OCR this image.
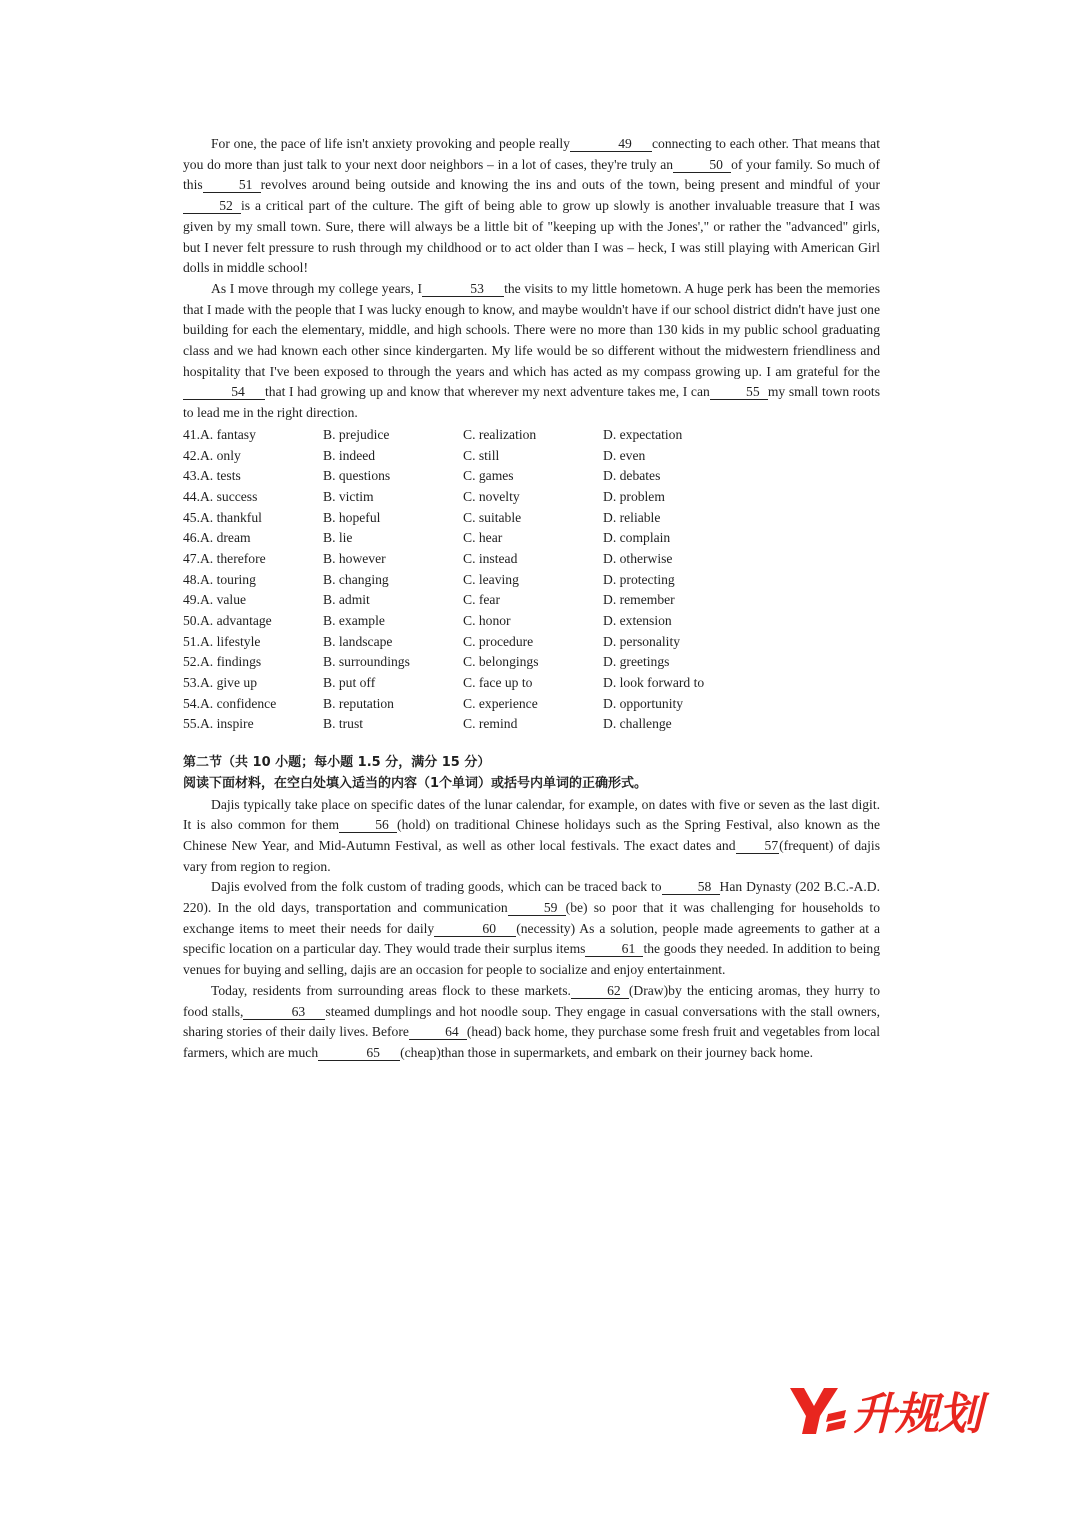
For one, the pace of life isn't anxiety provoking and people really	49 connecting to each other. That means that you do more than just talk to your next door neighbors – in a lot of cases, they're truly an	50 of your family. So much of this	51 revolves around being outside and knowing the ins and outs of the town, being present and mindful of your52 is a critical part of the culture. The gift of being able to grow up slowly is another invaluable treasure that I was given by my small town. Sure, there will always be a little bit of "keeping up with the Jones'," or rather the "advanced" girls, but I never felt pressure to rush through my childhood or to act older than I was – heck, I was still playing with American Girl dolls in middle school!

As I move through my college years, I	53 the visits to my little hometown. A huge perk has been the memories that I made with the people that I was lucky enough to know, and maybe wouldn't have if our school district didn't have just one building for each the elementary, middle, and high schools. There were no more than 130 kids in my public school graduating class and we had known each other since kindergarten. My life would be so different without the midwestern friendliness and hospitality that I've been exposed to through the years and which has acted as my compass growing up. I am grateful for the54 that I had growing up and know that wherever my next adventure takes me, I can	55 my small town roots to lead me in the right direction.

41.A. fantasy	B. prejudice	C. realization	D. expectation
42.A. only	B. indeed	C. still	D. even
43.A. tests	B. questions	C. games	D. debates
44.A. success	B. victim	C. novelty	D. problem
45.A. thankful	B. hopeful	C. suitable	D. reliable
46.A. dream	B. lie	C. hear	D. complain
47.A. therefore	B. however	C. instead	D. otherwise
48.A. touring	B. changing	C. leaving	D. protecting
49.A. value	B. admit	C. fear	D. remember
50.A. advantage	B. example	C. honor	D. extension
51.A. lifestyle	B. landscape	C. procedure	D. personality
52.A. findings	B. surroundings	C. belongings	D. greetings
53.A. give up	B. put off	C. face up to	D. look forward to
54.A. confidence	B. reputation	C. experience	D. opportunity
55.A. inspire	B. trust	C. remind	D. challenge
第二节（共 10 小题；每小题 1.5 分，满分 15 分）
阅读下面材料，在空白处填入适当的内容（1个单词）或括号内单词的正确形式。

Dajis typically take place on specific dates of the lunar calendar, for example, on dates with five or seven as the last digit. It is also common for them	56 (hold) on traditional Chinese holidays such as the Spring Festival, also known as the Chinese New Year, and Mid-Autumn Festival, as well as other local festivals. The exact dates and 57(frequent) of dajis vary from region to region.

Dajis evolved from the folk custom of trading goods, which can be traced back to	58 Han Dynasty (202 B.C.-A.D. 220). In the old days, transportation and communication	59 (be) so poor that it was challenging for households to exchange items to meet their needs for daily	60 (necessity) As a solution, people made agreements to gather at a specific location on a particular day. They would trade their surplus items	61 the goods they needed. In addition to being venues for buying and selling, dajis are an occasion for people to socialize and enjoy entertainment.

Today, residents from surrounding areas flock to these markets.	62 (Draw)by the enticing aromas, they hurry to food stalls,	63 steamed dumplings and hot noodle soup. They engage in casual conversations with the stall owners, sharing stories of their daily lives. Before	64 (head) back home, they purchase some fresh fruit and vegetables from local farmers, which are much	65 (cheap)than those in supermarkets, and embark on their journey back home.

升规划
